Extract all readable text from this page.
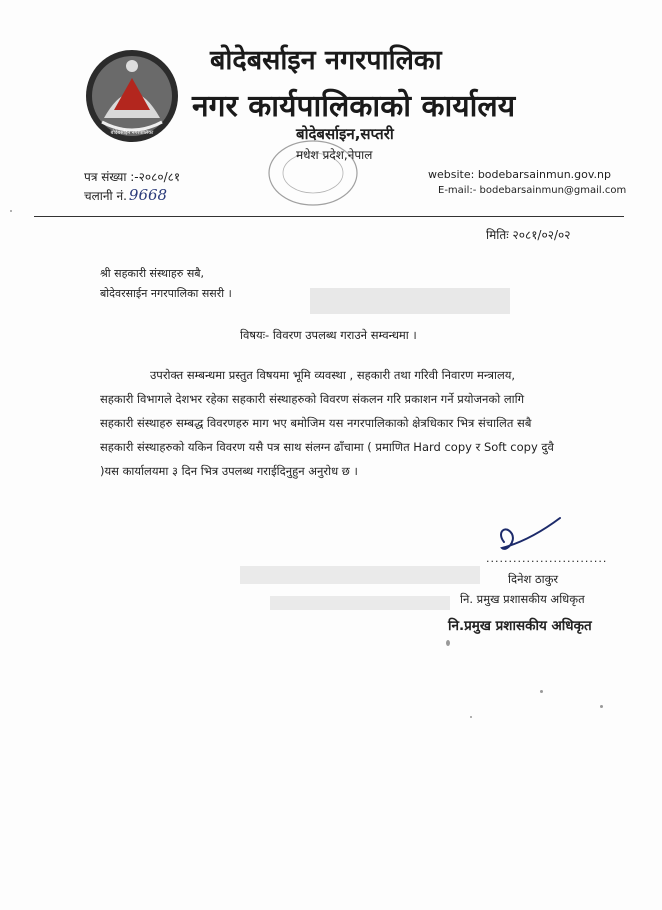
बोदेबर्साइन नगरपालिका
बोदेबर्साइन नगरपालिका
नगर कार्यपालिकाको कार्यालय
बोदेबर्साइन,सप्तरी
मधेश प्रदेश,नेपाल
पत्र संख्या :-२०८०/८१
चलानी नं. 9668
website: bodebarsainmun.gov.np
E-mail:- bodebarsainmun@gmail.com
मितिः २०८१/०२/०२
श्री सहकारी संस्थाहरु सबै,
बोदेवरसाईन नगरपालिका ससरी ।
विषयः- विवरण उपलब्ध गराउने सम्वन्धमा ।
उपरोक्त सम्बन्धमा प्रस्तुत विषयमा भूमि व्यवस्था , सहकारी तथा गरिवी निवारण मन्त्रालय,
सहकारी विभागले देशभर रहेका सहकारी संस्थाहरुको विवरण संकलन गरि प्रकाशन गर्ने प्रयोजनको लागि
सहकारी संस्थाहरु सम्बद्ध विवरणहरु माग भए बमोजिम यस नगरपालिकाको क्षेत्रधिकार भित्र संचालित सबै
सहकारी संस्थाहरुको यकिन विवरण यसै पत्र साथ संलग्न ढाँचामा ( प्रमाणित Hard copy र Soft copy दुवै
)यस कार्यालयमा ३ दिन भित्र उपलब्ध गराईदिनुहुन अनुरोध छ ।
...........................
दिनेश ठाकुर
नि. प्रमुख प्रशासकीय अधिकृत
नि.प्रमुख प्रशासकीय अधिकृत
